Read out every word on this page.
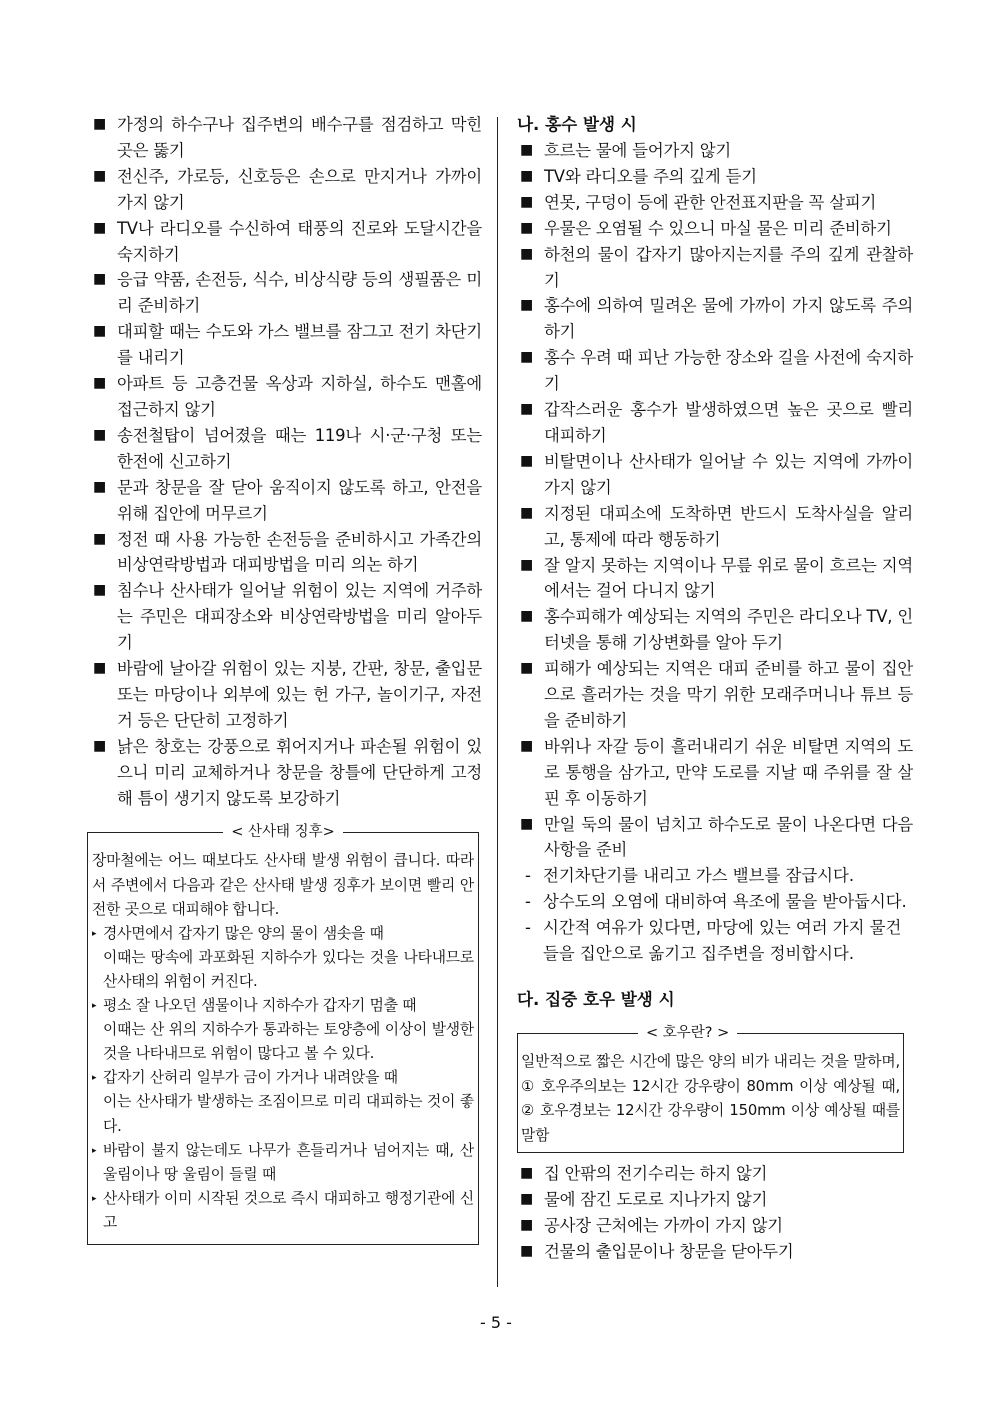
■ 가정의 하수구나 집주변의 배수구를 점검하고 막힌 곳은 뚫기
■ 전신주, 가로등, 신호등은 손으로 만지거나 가까이 가지 않기
■ TV나 라디오를 수신하여 태풍의 진로와 도달시간을 숙지하기
■ 응급 약품, 손전등, 식수, 비상식량 등의 생필품은 미리 준비하기
■ 대피할 때는 수도와 가스 밸브를 잠그고 전기 차단기를 내리기
■ 아파트 등 고층건물 옥상과 지하실, 하수도 맨홀에 접근하지 않기
■ 송전철탑이 넘어졌을 때는 119나 시·군·구청 또는 한전에 신고하기
■ 문과 창문을 잘 닫아 움직이지 않도록 하고, 안전을 위해 집안에 머무르기
■ 정전 때 사용 가능한 손전등을 준비하시고 가족간의 비상연락방법과 대피방법을 미리 의논 하기
■ 침수나 산사태가 일어날 위험이 있는 지역에 거주하는 주민은 대피장소와 비상연락방법을 미리 알아두기
■ 바람에 날아갈 위험이 있는 지붕, 간판, 창문, 출입문 또는 마당이나 외부에 있는 헌 가구, 놀이기구, 자전거 등은 단단히 고정하기
■ 낡은 창호는 강풍으로 휘어지거나 파손될 위험이 있으니 미리 교체하거나 창문을 창틀에 단단하게 고정해 틈이 생기지 않도록 보강하기
< 산사태 징후>
장마철에는 어느 때보다도 산사태 발생 위험이 큽니다. 따라서 주변에서 다음과 같은 산사태 발생 징후가 보이면 빨리 안전한 곳으로 대피해야 합니다.
▸ 경사면에서 갑자기 많은 양의 물이 샘솟을 때
이때는 땅속에 과포화된 지하수가 있다는 것을 나타내므로 산사태의 위험이 커진다.
▸ 평소 잘 나오던 샘물이나 지하수가 갑자기 멈출 때
이때는 산 위의 지하수가 통과하는 토양층에 이상이 발생한 것을 나타내므로 위험이 많다고 볼 수 있다.
▸ 갑자기 산허리 일부가 금이 가거나 내려앉을 때
이는 산사태가 발생하는 조짐이므로 미리 대피하는 것이 좋다.
▸ 바람이 불지 않는데도 나무가 흔들리거나 넘어지는 때, 산울림이나 땅 울림이 들릴 때
▸ 산사태가 이미 시작된 것으로 즉시 대피하고 행정기관에 신고
나. 홍수 발생 시
■ 흐르는 물에 들어가지 않기
■ TV와 라디오를 주의 깊게 듣기
■ 연못, 구덩이 등에 관한 안전표지판을 꼭 살피기
■ 우물은 오염될 수 있으니 마실 물은 미리 준비하기
■ 하천의 물이 갑자기 많아지는지를 주의 깊게 관찰하기
■ 홍수에 의하여 밀려온 물에 가까이 가지 않도록 주의하기
■ 홍수 우려 때 피난 가능한 장소와 길을 사전에 숙지하기
■ 갑작스러운 홍수가 발생하였으면 높은 곳으로 빨리 대피하기
■ 비탈면이나 산사태가 일어날 수 있는 지역에 가까이 가지 않기
■ 지정된 대피소에 도착하면 반드시 도착사실을 알리고, 통제에 따라 행동하기
■ 잘 알지 못하는 지역이나 무릎 위로 물이 흐르는 지역에서는 걸어 다니지 않기
■ 홍수피해가 예상되는 지역의 주민은 라디오나 TV, 인터넷을 통해 기상변화를 알아 두기
■ 피해가 예상되는 지역은 대피 준비를 하고 물이 집안으로 흘러가는 것을 막기 위한 모래주머니나 튜브 등을 준비하기
■ 바위나 자갈 등이 흘러내리기 쉬운 비탈면 지역의 도로 통행을 삼가고, 만약 도로를 지날 때 주위를 잘 살핀 후 이동하기
■ 만일 둑의 물이 넘치고 하수도로 물이 나온다면 다음 사항을 준비
- 전기차단기를 내리고 가스 밸브를 잠급시다.
- 상수도의 오염에 대비하여 욕조에 물을 받아둡시다.
- 시간적 여유가 있다면, 마당에 있는 여러 가지 물건들을 집안으로 옮기고 집주변을 정비합시다.
다. 집중 호우 발생 시
< 호우란? >
일반적으로 짧은 시간에 많은 양의 비가 내리는 것을 말하며, ① 호우주의보는 12시간 강우량이 80mm 이상 예상될 때, ② 호우경보는 12시간 강우량이 150mm 이상 예상될 때를 말함
■ 집 안팎의 전기수리는 하지 않기
■ 물에 잠긴 도로로 지나가지 않기
■ 공사장 근처에는 가까이 가지 않기
■ 건물의 출입문이나 창문을 닫아두기
- 5 -
